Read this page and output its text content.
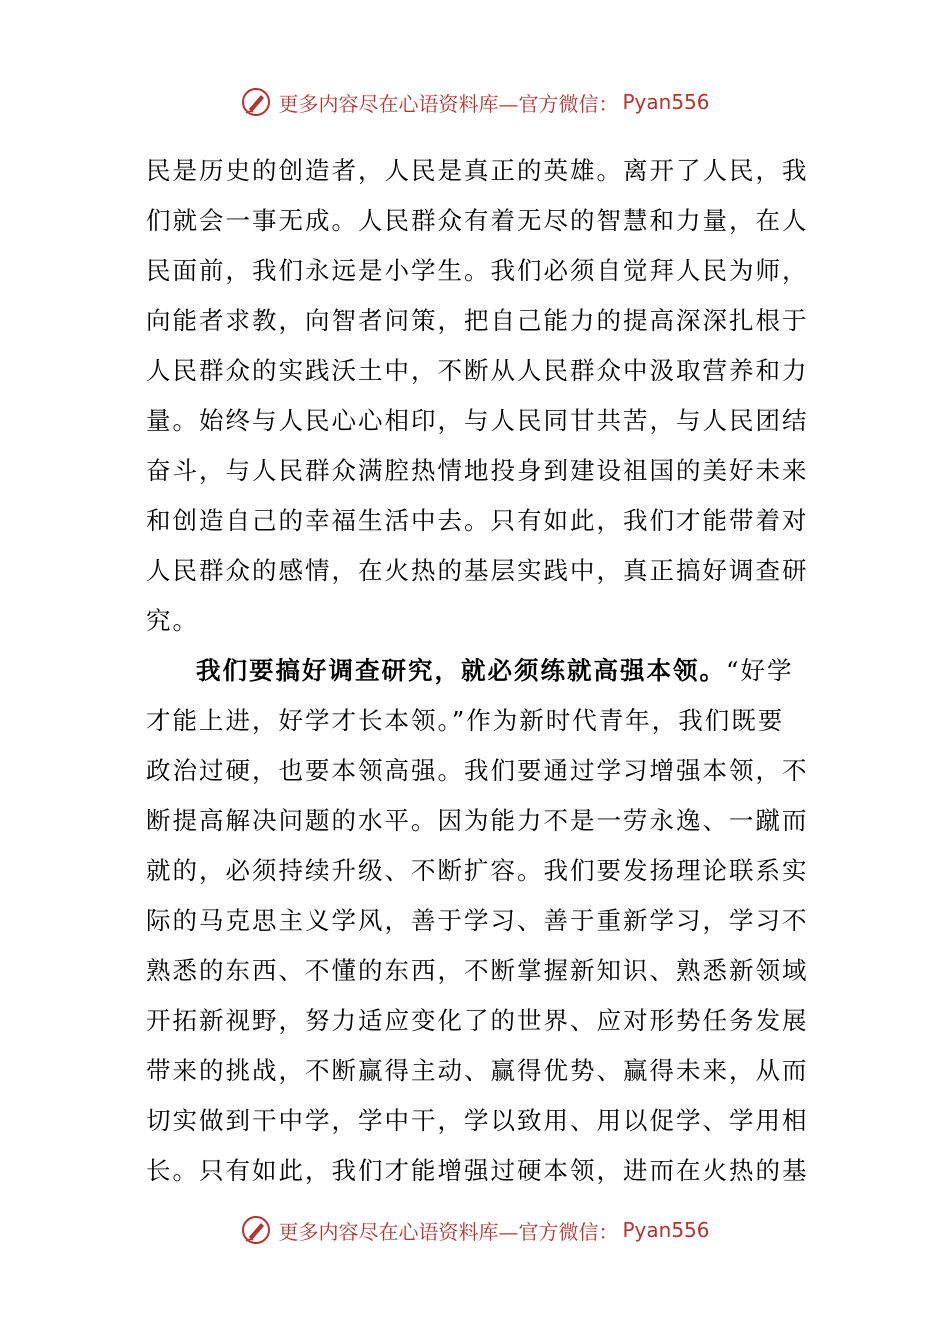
更多内容尽在心语资料库—官方微信： Pyan556
民是历史的创造者，人民是真正的英雄。离开了人民，我
们就会一事无成。人民群众有着无尽的智慧和力量，在人
民面前，我们永远是小学生。我们必须自觉拜人民为师，
向能者求教，向智者问策，把自己能力的提高深深扎根于
人民群众的实践沃土中，不断从人民群众中汲取营养和力
量。始终与人民心心相印，与人民同甘共苦，与人民团结
奋斗，与人民群众满腔热情地投身到建设祖国的美好未来
和创造自己的幸福生活中去。只有如此，我们才能带着对
人民群众的感情，在火热的基层实践中，真正搞好调查研
究。
我们要搞好调查研究，就必须练就高强本领。“好学
才能上进，好学才长本领。”作为新时代青年，我们既要
政治过硬，也要本领高强。我们要通过学习增强本领，不
断提高解决问题的水平。因为能力不是一劳永逸、一蹴而
就的，必须持续升级、不断扩容。我们要发扬理论联系实
际的马克思主义学风，善于学习、善于重新学习，学习不
熟悉的东西、不懂的东西，不断掌握新知识、熟悉新领域
开拓新视野，努力适应变化了的世界、应对形势任务发展
带来的挑战，不断赢得主动、赢得优势、赢得未来，从而
切实做到干中学，学中干，学以致用、用以促学、学用相
长。只有如此，我们才能增强过硬本领，进而在火热的基
更多内容尽在心语资料库—官方微信： Pyan556
